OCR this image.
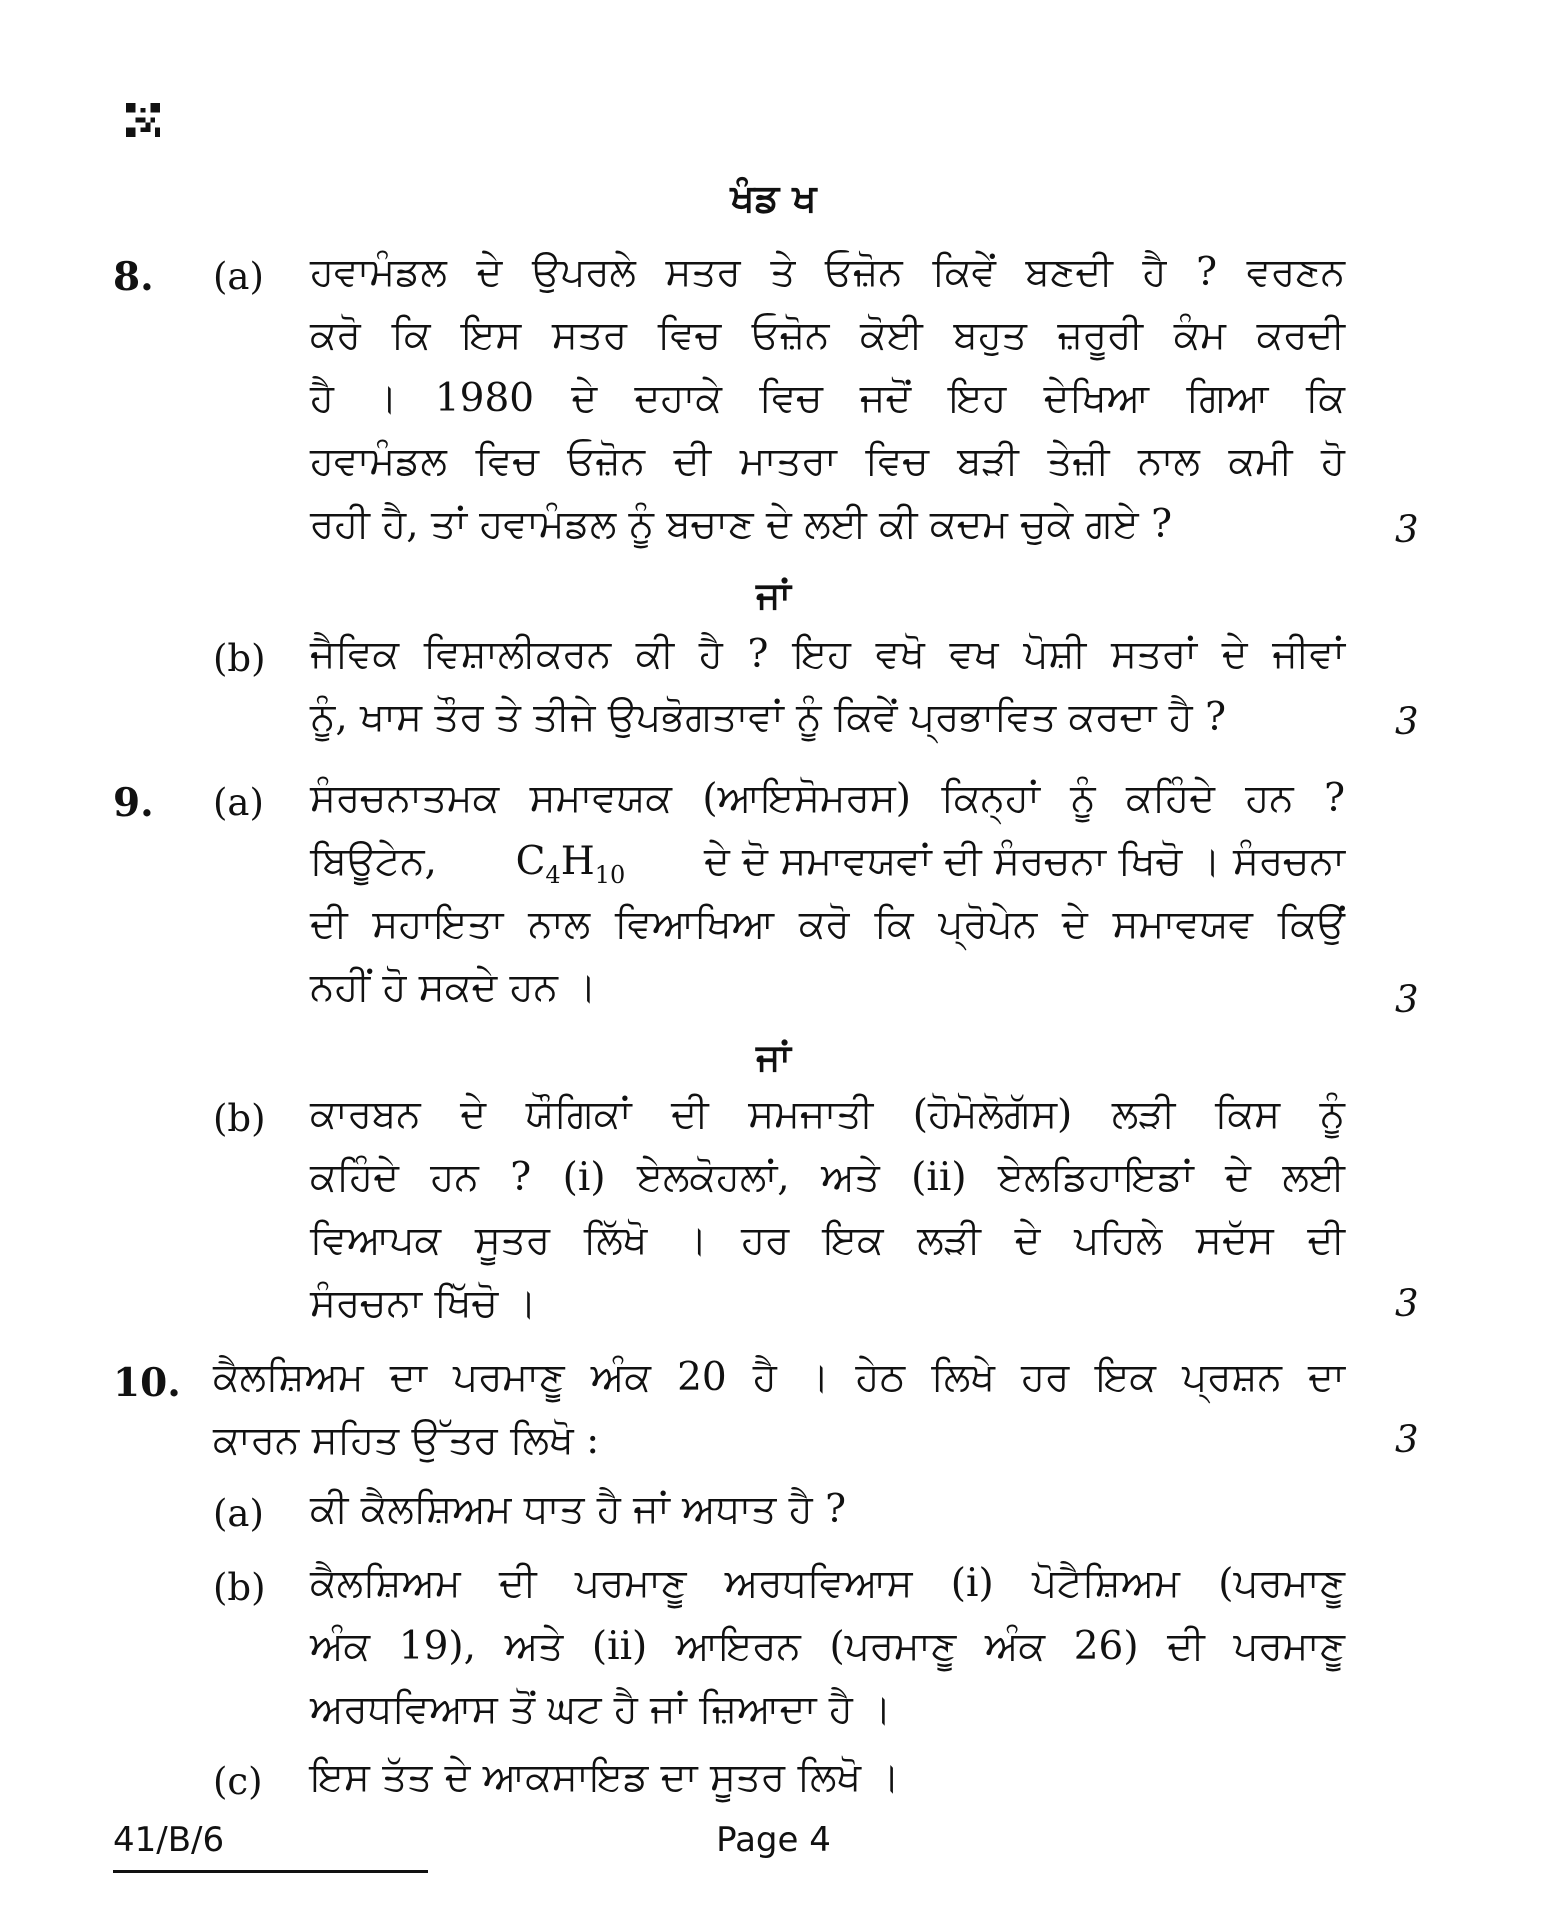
ਖੰਡ ਖ
8. (a) ਹਵਾਮੰਡਲ ਦੇ ਉਪਰਲੇ ਸਤਰ ਤੇ ਓਜ਼ੋਨ ਕਿਵੇਂ ਬਣਦੀ ਹੈ ? ਵਰਣਨ
ਕਰੋ ਕਿ ਇਸ ਸਤਰ ਵਿਚ ਓਜ਼ੋਨ ਕੋਈ ਬਹੁਤ ਜ਼ਰੂਰੀ ਕੰਮ ਕਰਦੀ
ਹੈ । 1980 ਦੇ ਦਹਾਕੇ ਵਿਚ ਜਦੋਂ ਇਹ ਦੇਖਿਆ ਗਿਆ ਕਿ
ਹਵਾਮੰਡਲ ਵਿਚ ਓਜ਼ੋਨ ਦੀ ਮਾਤਰਾ ਵਿਚ ਬੜੀ ਤੇਜ਼ੀ ਨਾਲ ਕਮੀ ਹੋ
ਰਹੀ ਹੈ, ਤਾਂ ਹਵਾਮੰਡਲ ਨੂੰ ਬਚਾਣ ਦੇ ਲਈ ਕੀ ਕਦਮ ਚੁਕੇ ਗਏ ?	3
ਜਾਂ
(b) ਜੈਵਿਕ ਵਿਸ਼ਾਲੀਕਰਨ ਕੀ ਹੈ ? ਇਹ ਵਖੋ ਵਖ ਪੋਸ਼ੀ ਸਤਰਾਂ ਦੇ ਜੀਵਾਂ
ਨੂੰ, ਖਾਸ ਤੌਰ ਤੇ ਤੀਜੇ ਉਪਭੋਗਤਾਵਾਂ ਨੂੰ ਕਿਵੇਂ ਪ੍ਰਭਾਵਿਤ ਕਰਦਾ ਹੈ ?	3
9. (a) ਸੰਰਚਨਾਤਮਕ ਸਮਾਵਯਕ (ਆਇਸੋਮਰਸ) ਕਿਨ੍ਹਾਂ ਨੂੰ ਕਹਿੰਦੇ ਹਨ ?
ਬਿਊਟੇਨ, $C_4H_{10}$ ਦੇ ਦੋ ਸਮਾਵਯਵਾਂ ਦੀ ਸੰਰਚਨਾ ਖਿਚੋ । ਸੰਰਚਨਾ
ਦੀ ਸਹਾਇਤਾ ਨਾਲ ਵਿਆਖਿਆ ਕਰੋ ਕਿ ਪ੍ਰੋਪੇਨ ਦੇ ਸਮਾਵਯਵ ਕਿਉਂ
ਨਹੀਂ ਹੋ ਸਕਦੇ ਹਨ ।	3
ਜਾਂ
(b) ਕਾਰਬਨ ਦੇ ਯੌਗਿਕਾਂ ਦੀ ਸਮਜਾਤੀ (ਹੋਮੋਲੋਗੱਸ) ਲੜੀ ਕਿਸ ਨੂੰ
ਕਹਿੰਦੇ ਹਨ ? (i) ਏਲਕੋਹਲਾਂ, ਅਤੇ (ii) ਏਲਡਿਹਾਇਡਾਂ ਦੇ ਲਈ
ਵਿਆਪਕ ਸੂਤਰ ਲਿੱਖੋ । ਹਰ ਇਕ ਲੜੀ ਦੇ ਪਹਿਲੇ ਸਦੱਸ ਦੀ
ਸੰਰਚਨਾ ਖਿੱਚੋ ।	3
10. ਕੈਲਸ਼ਿਅਮ ਦਾ ਪਰਮਾਣੂ ਅੰਕ 20 ਹੈ । ਹੇਠ ਲਿਖੇ ਹਰ ਇਕ ਪ੍ਰਸ਼ਨ ਦਾ
ਕਾਰਨ ਸਹਿਤ ਉੱਤਰ ਲਿਖੋ :	3
(a) ਕੀ ਕੈਲਸ਼ਿਅਮ ਧਾਤ ਹੈ ਜਾਂ ਅਧਾਤ ਹੈ ?
(b) ਕੈਲਸ਼ਿਅਮ ਦੀ ਪਰਮਾਣੂ ਅਰਧਵਿਆਸ (i) ਪੋਟੈਸ਼ਿਅਮ (ਪਰਮਾਣੂ
ਅੰਕ 19), ਅਤੇ (ii) ਆਇਰਨ (ਪਰਮਾਣੂ ਅੰਕ 26) ਦੀ ਪਰਮਾਣੂ
ਅਰਧਵਿਆਸ ਤੋਂ ਘਟ ਹੈ ਜਾਂ ਜ਼ਿਆਦਾ ਹੈ ।
(c) ਇਸ ਤੱਤ ਦੇ ਆਕਸਾਇਡ ਦਾ ਸੂਤਰ ਲਿਖੋ ।
41/B/6	Page 4
